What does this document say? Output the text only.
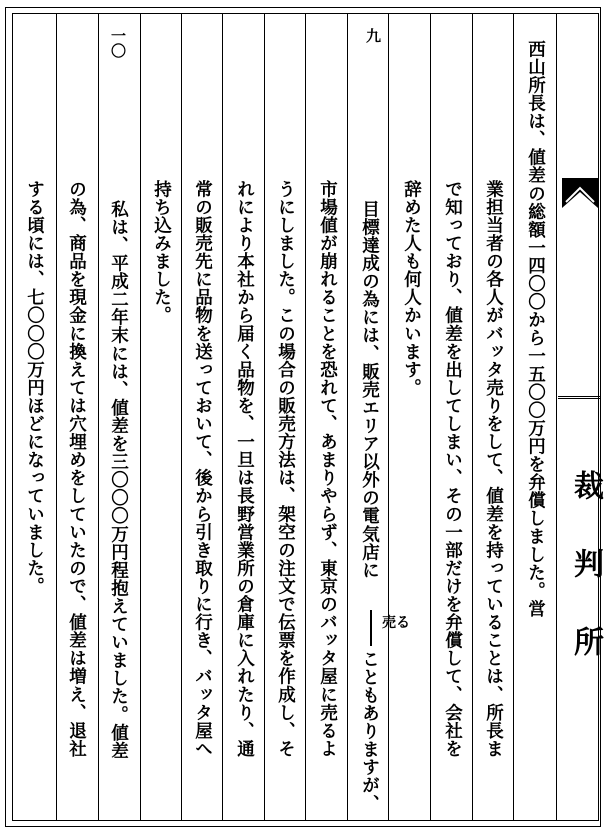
裁判所
西山所長は、値差の総額一四〇〇から一五〇〇万円を弁償しました。営
業担当者の各人がバッタ売りをして、値差を持っていることは、所長ま
で知っており、値差を出してしまい、その一部だけを弁償して、会社を
辞めた人も何人かいます。
九
目標達成の為には、販売エリア以外の電気店に
売る
こともありますが、
市場値が崩れることを恐れて、あまりやらず、東京のバッタ屋に売るよ
うにしました。この場合の販売方法は、架空の注文で伝票を作成し、そ
れにより本社から届く品物を、一旦は長野営業所の倉庫に入れたり、通
常の販売先に品物を送っておいて、後から引き取りに行き、バッタ屋へ
持ち込みました。
一〇
私は、平成二年末には、値差を三〇〇〇万円程抱えていました。値差
の為、商品を現金に換えては穴埋めをしていたので、値差は増え、退社
する頃には、七〇〇〇万円ほどになっていました。
